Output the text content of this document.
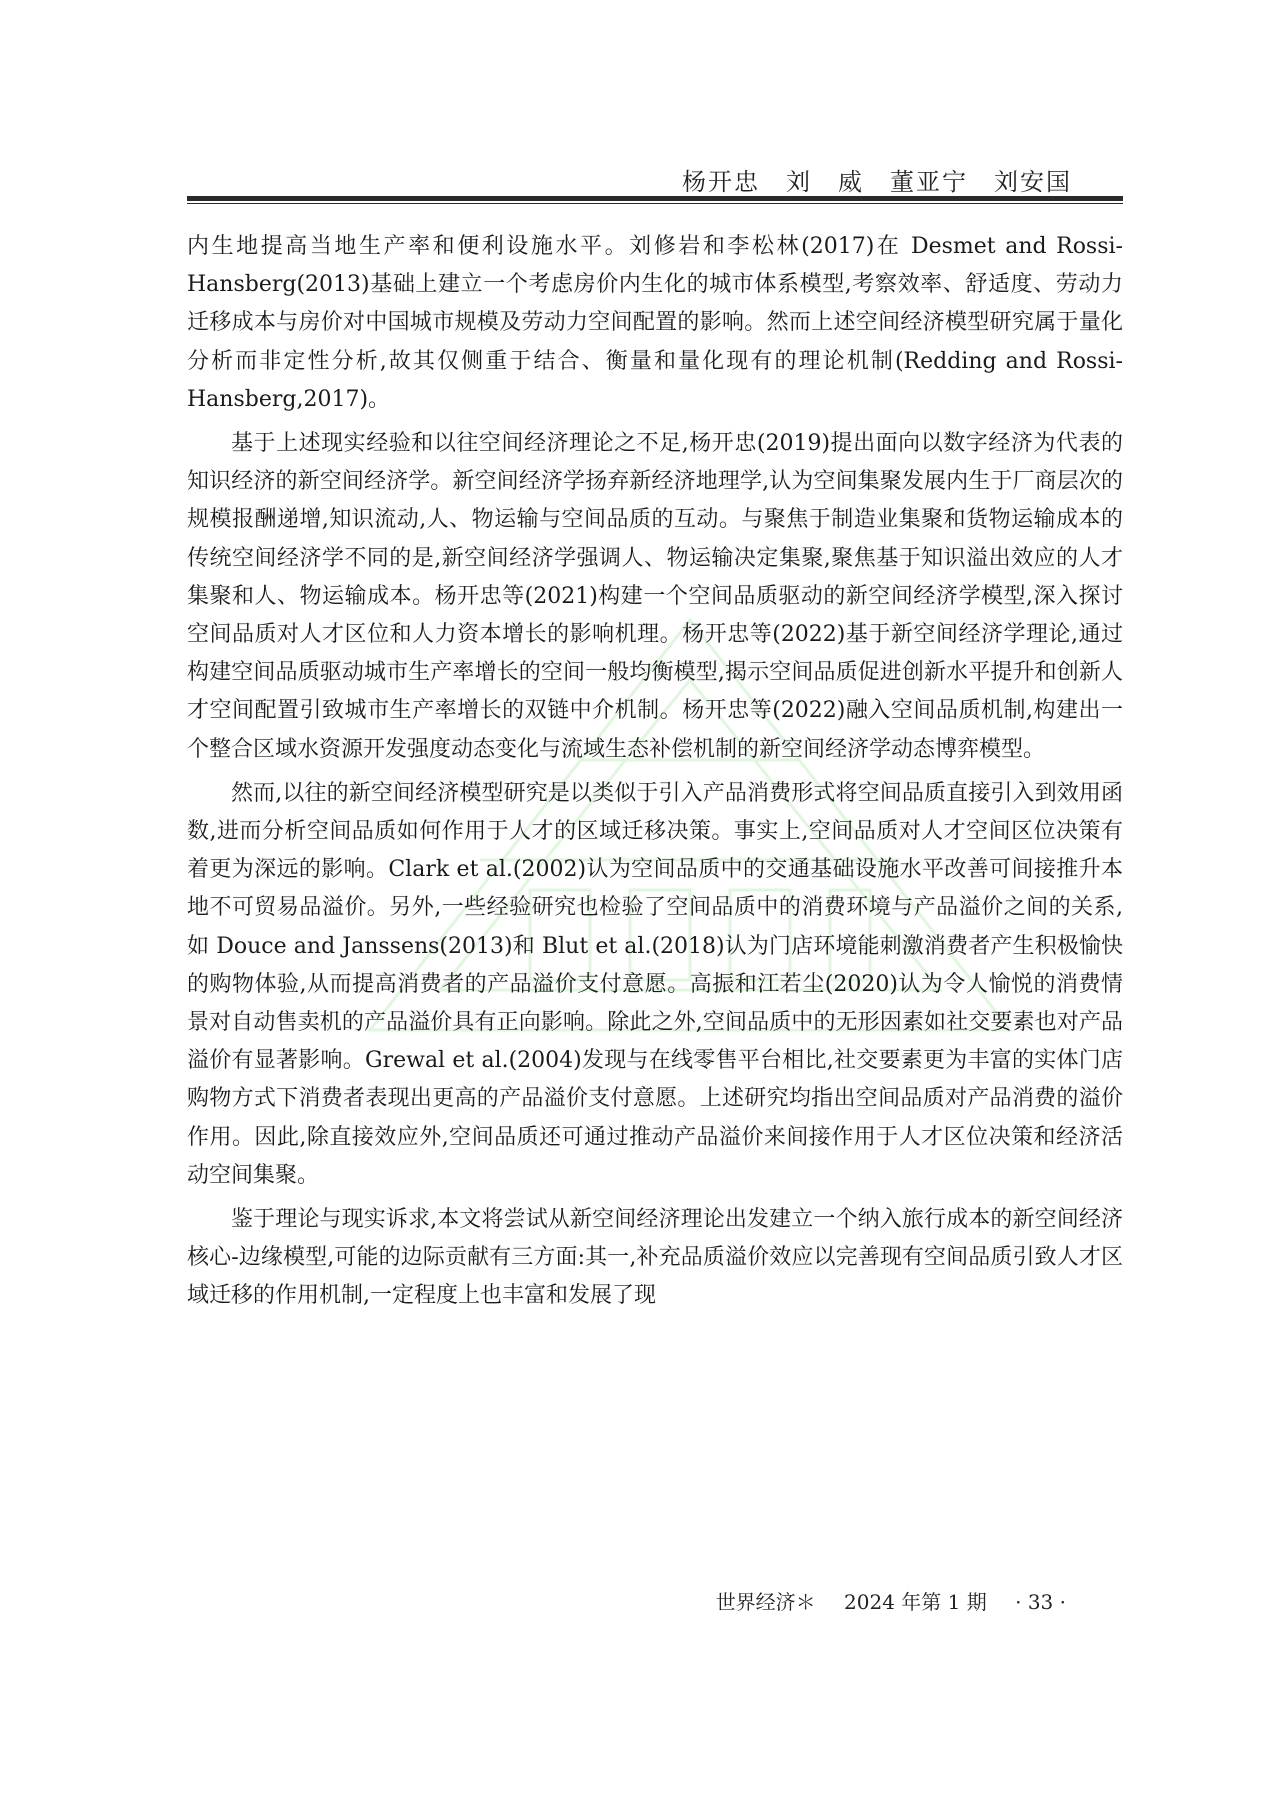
杨开忠 刘　威 董亚宁 刘安国

内生地提高当地生产率和便利设施水平。刘修岩和李松林(2017)在 Desmet and Rossi-Hansberg(2013)基础上建立一个考虑房价内生化的城市体系模型,考察效率、舒适度、劳动力迁移成本与房价对中国城市规模及劳动力空间配置的影响。然而上述空间经济模型研究属于量化分析而非定性分析,故其仅侧重于结合、衡量和量化现有的理论机制(Redding and Rossi-Hansberg,2017)。

基于上述现实经验和以往空间经济理论之不足,杨开忠(2019)提出面向以数字经济为代表的知识经济的新空间经济学。新空间经济学扬弃新经济地理学,认为空间集聚发展内生于厂商层次的规模报酬递增,知识流动,人、物运输与空间品质的互动。与聚焦于制造业集聚和货物运输成本的传统空间经济学不同的是,新空间经济学强调人、物运输决定集聚,聚焦基于知识溢出效应的人才集聚和人、物运输成本。杨开忠等(2021)构建一个空间品质驱动的新空间经济学模型,深入探讨空间品质对人才区位和人力资本增长的影响机理。杨开忠等(2022)基于新空间经济学理论,通过构建空间品质驱动城市生产率增长的空间一般均衡模型,揭示空间品质促进创新水平提升和创新人才空间配置引致城市生产率增长的双链中介机制。杨开忠等(2022)融入空间品质机制,构建出一个整合区域水资源开发强度动态变化与流域生态补偿机制的新空间经济学动态博弈模型。

然而,以往的新空间经济模型研究是以类似于引入产品消费形式将空间品质直接引入到效用函数,进而分析空间品质如何作用于人才的区域迁移决策。事实上,空间品质对人才空间区位决策有着更为深远的影响。Clark et al.(2002)认为空间品质中的交通基础设施水平改善可间接推升本地不可贸易品溢价。另外,一些经验研究也检验了空间品质中的消费环境与产品溢价之间的关系,如 Douce and Janssens(2013)和 Blut et al.(2018)认为门店环境能刺激消费者产生积极愉快的购物体验,从而提高消费者的产品溢价支付意愿。高振和江若尘(2020)认为令人愉悦的消费情景对自动售卖机的产品溢价具有正向影响。除此之外,空间品质中的无形因素如社交要素也对产品溢价有显著影响。Grewal et al.(2004)发现与在线零售平台相比,社交要素更为丰富的实体门店购物方式下消费者表现出更高的产品溢价支付意愿。上述研究均指出空间品质对产品消费的溢价作用。因此,除直接效应外,空间品质还可通过推动产品溢价来间接作用于人才区位决策和经济活动空间集聚。

鉴于理论与现实诉求,本文将尝试从新空间经济理论出发建立一个纳入旅行成本的新空间经济核心-边缘模型,可能的边际贡献有三方面:其一,补充品质溢价效应以完善现有空间品质引致人才区域迁移的作用机制,一定程度上也丰富和发展了现

世界经济＊ 2024 年第 1 期 · 33 ·
